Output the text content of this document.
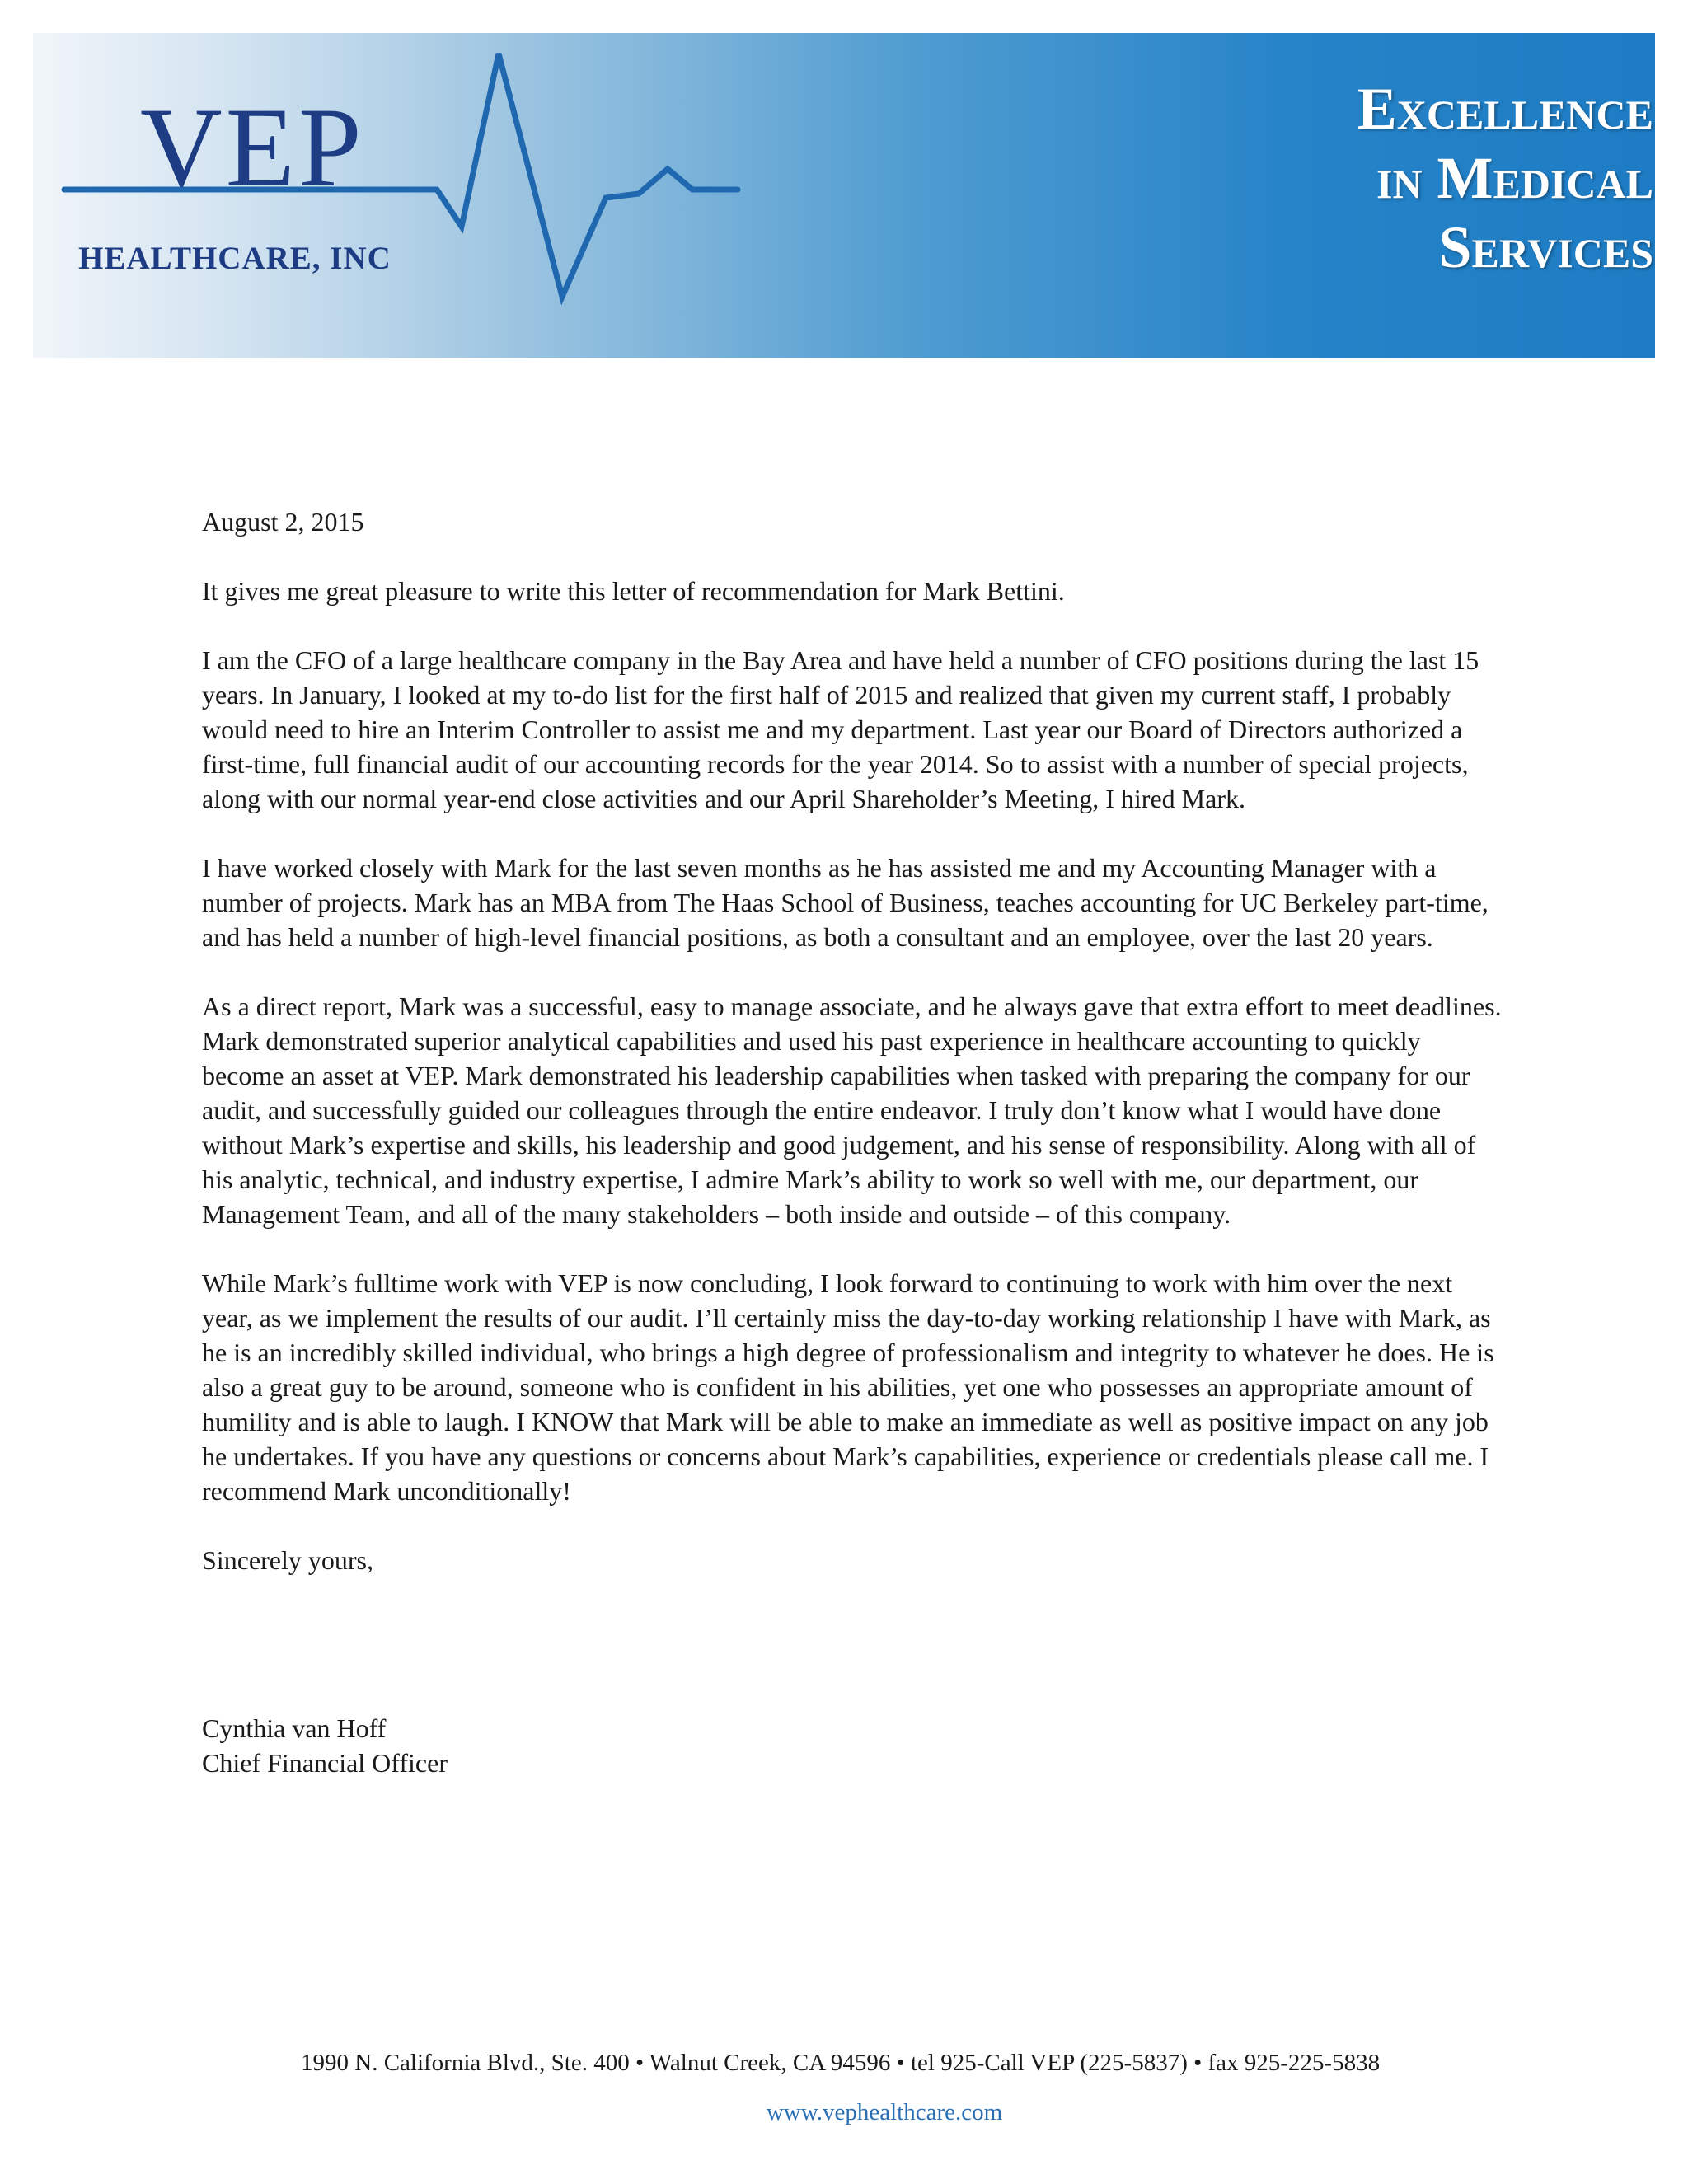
VEP
HEALTHCARE, INC
Excellence
in Medical
Services

August 2, 2015

It gives me great pleasure to write this letter of recommendation for Mark Bettini.

I am the CFO of a large healthcare company in the Bay Area and have held a number of CFO positions during the last 15 years. In January, I looked at my to-do list for the first half of 2015 and realized that given my current staff, I probably would need to hire an Interim Controller to assist me and my department. Last year our Board of Directors authorized a first-time, full financial audit of our accounting records for the year 2014. So to assist with a number of special projects, along with our normal year-end close activities and our April Shareholder’s Meeting, I hired Mark.

I have worked closely with Mark for the last seven months as he has assisted me and my Accounting Manager with a number of projects. Mark has an MBA from The Haas School of Business, teaches accounting for UC Berkeley part-time, and has held a number of high-level financial positions, as both a consultant and an employee, over the last 20 years.

As a direct report, Mark was a successful, easy to manage associate, and he always gave that extra effort to meet deadlines. Mark demonstrated superior analytical capabilities and used his past experience in healthcare accounting to quickly become an asset at VEP. Mark demonstrated his leadership capabilities when tasked with preparing the company for our audit, and successfully guided our colleagues through the entire endeavor. I truly don’t know what I would have done without Mark’s expertise and skills, his leadership and good judgement, and his sense of responsibility. Along with all of his analytic, technical, and industry expertise, I admire Mark’s ability to work so well with me, our department, our Management Team, and all of the many stakeholders – both inside and outside – of this company.

While Mark’s fulltime work with VEP is now concluding, I look forward to continuing to work with him over the next year, as we implement the results of our audit. I’ll certainly miss the day-to-day working relationship I have with Mark, as he is an incredibly skilled individual, who brings a high degree of professionalism and integrity to whatever he does. He is also a great guy to be around, someone who is confident in his abilities, yet one who possesses an appropriate amount of humility and is able to laugh. I KNOW that Mark will be able to make an immediate as well as positive impact on any job he undertakes. If you have any questions or concerns about Mark’s capabilities, experience or credentials please call me. I recommend Mark unconditionally!

Sincerely yours,

Cynthia van Hoff

Chief Financial Officer

1990 N. California Blvd., Ste. 400 • Walnut Creek, CA 94596 • tel 925-Call VEP (225-5837) • fax 925-225-5838
www.vephealthcare.com
